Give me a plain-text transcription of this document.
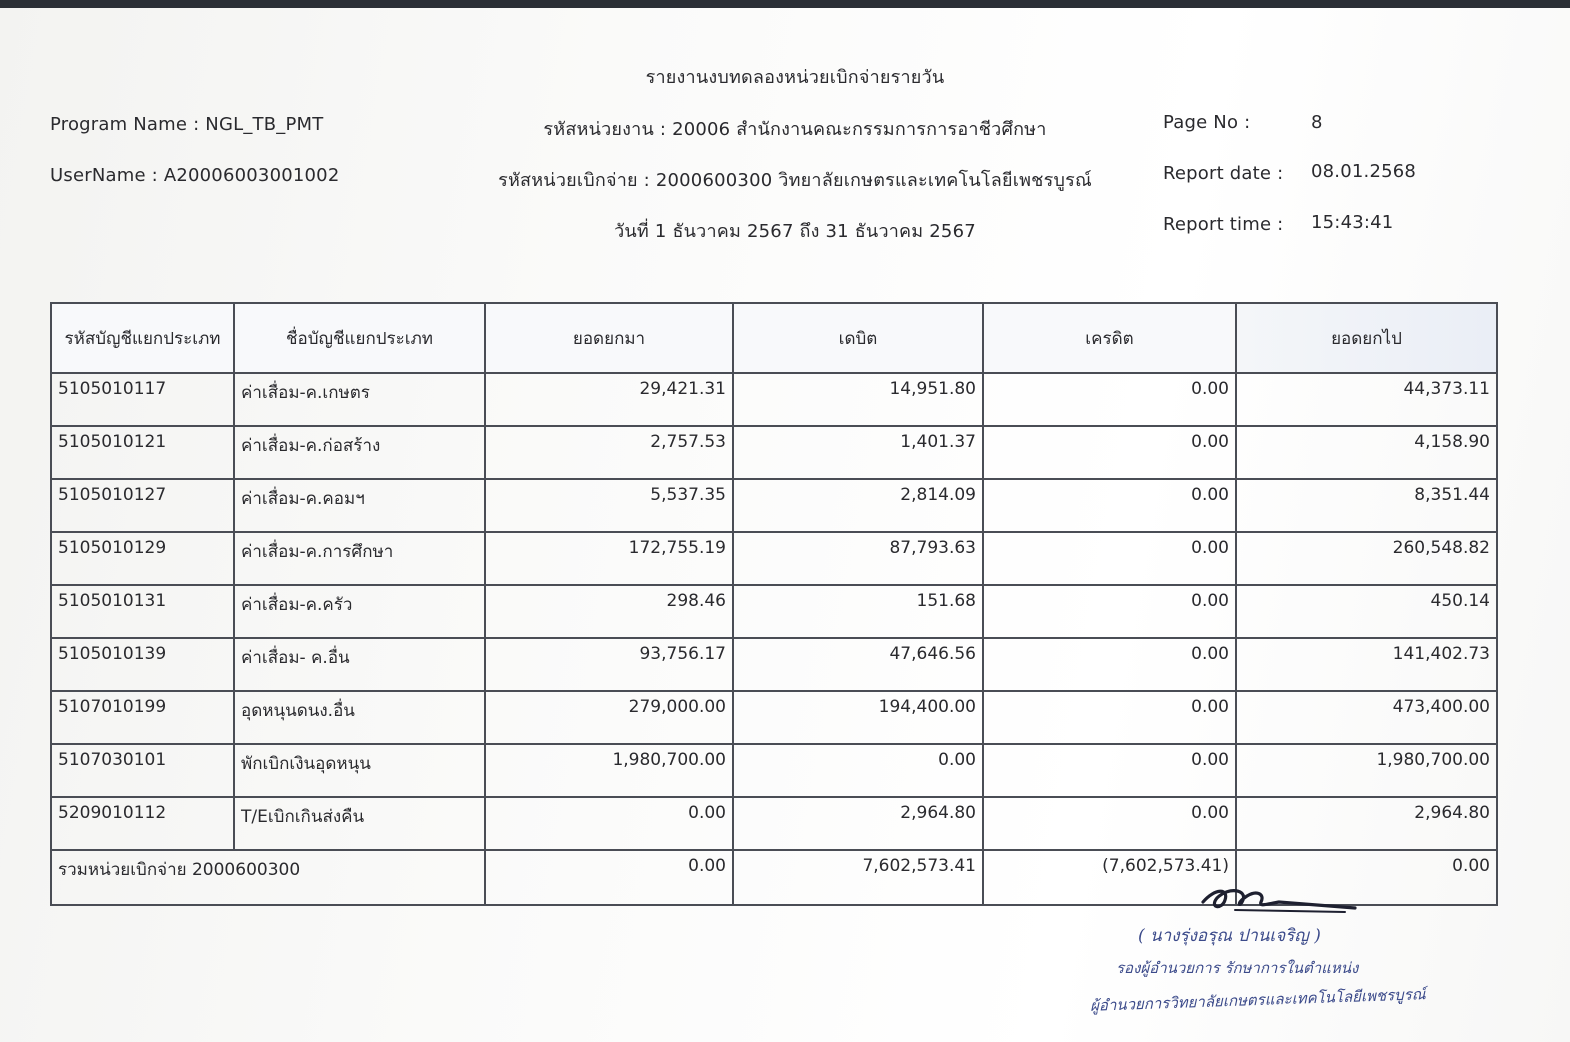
รายงานงบทดลองหน่วยเบิกจ่ายรายวัน
Program Name : NGL_TB_PMT
UserName : A20006003001002
รหัสหน่วยงาน : 20006 สำนักงานคณะกรรมการการอาชีวศึกษา
รหัสหน่วยเบิกจ่าย : 2000600300 วิทยาลัยเกษตรและเทคโนโลยีเพชรบูรณ์
วันที่ 1 ธันวาคม 2567 ถึง 31 ธันวาคม 2567
Page No :	8
Report date : 08.01.2568
Report time : 15:43:41
รหัสบัญชีแยกประเภท	ชื่อบัญชีแยกประเภท	ยอดยกมา	เดบิต	เครดิต	ยอดยกไป
5105010117	ค่าเสื่อม-ค.เกษตร	29,421.31	14,951.80	0.00	44,373.11
5105010121	ค่าเสื่อม-ค.ก่อสร้าง	2,757.53	1,401.37	0.00	4,158.90
5105010127	ค่าเสื่อม-ค.คอมฯ	5,537.35	2,814.09	0.00	8,351.44
5105010129	ค่าเสื่อม-ค.การศึกษา	172,755.19	87,793.63	0.00	260,548.82
5105010131	ค่าเสื่อม-ค.ครัว	298.46	151.68	0.00	450.14
5105010139	ค่าเสื่อม- ค.อื่น	93,756.17	47,646.56	0.00	141,402.73
5107010199	อุดหนุนดนง.อื่น	279,000.00	194,400.00	0.00	473,400.00
5107030101	พักเบิกเงินอุดหนุน	1,980,700.00	0.00	0.00	1,980,700.00
5209010112	T/Eเบิกเกินส่งคืน	0.00	2,964.80	0.00	2,964.80
รวมหน่วยเบิกจ่าย 2000600300		0.00	7,602,573.41	(7,602,573.41)	0.00
( นางรุ่งอรุณ ปานเจริญ )
รองผู้อำนวยการ รักษาการในตำแหน่ง
ผู้อำนวยการวิทยาลัยเกษตรและเทคโนโลยีเพชรบูรณ์
